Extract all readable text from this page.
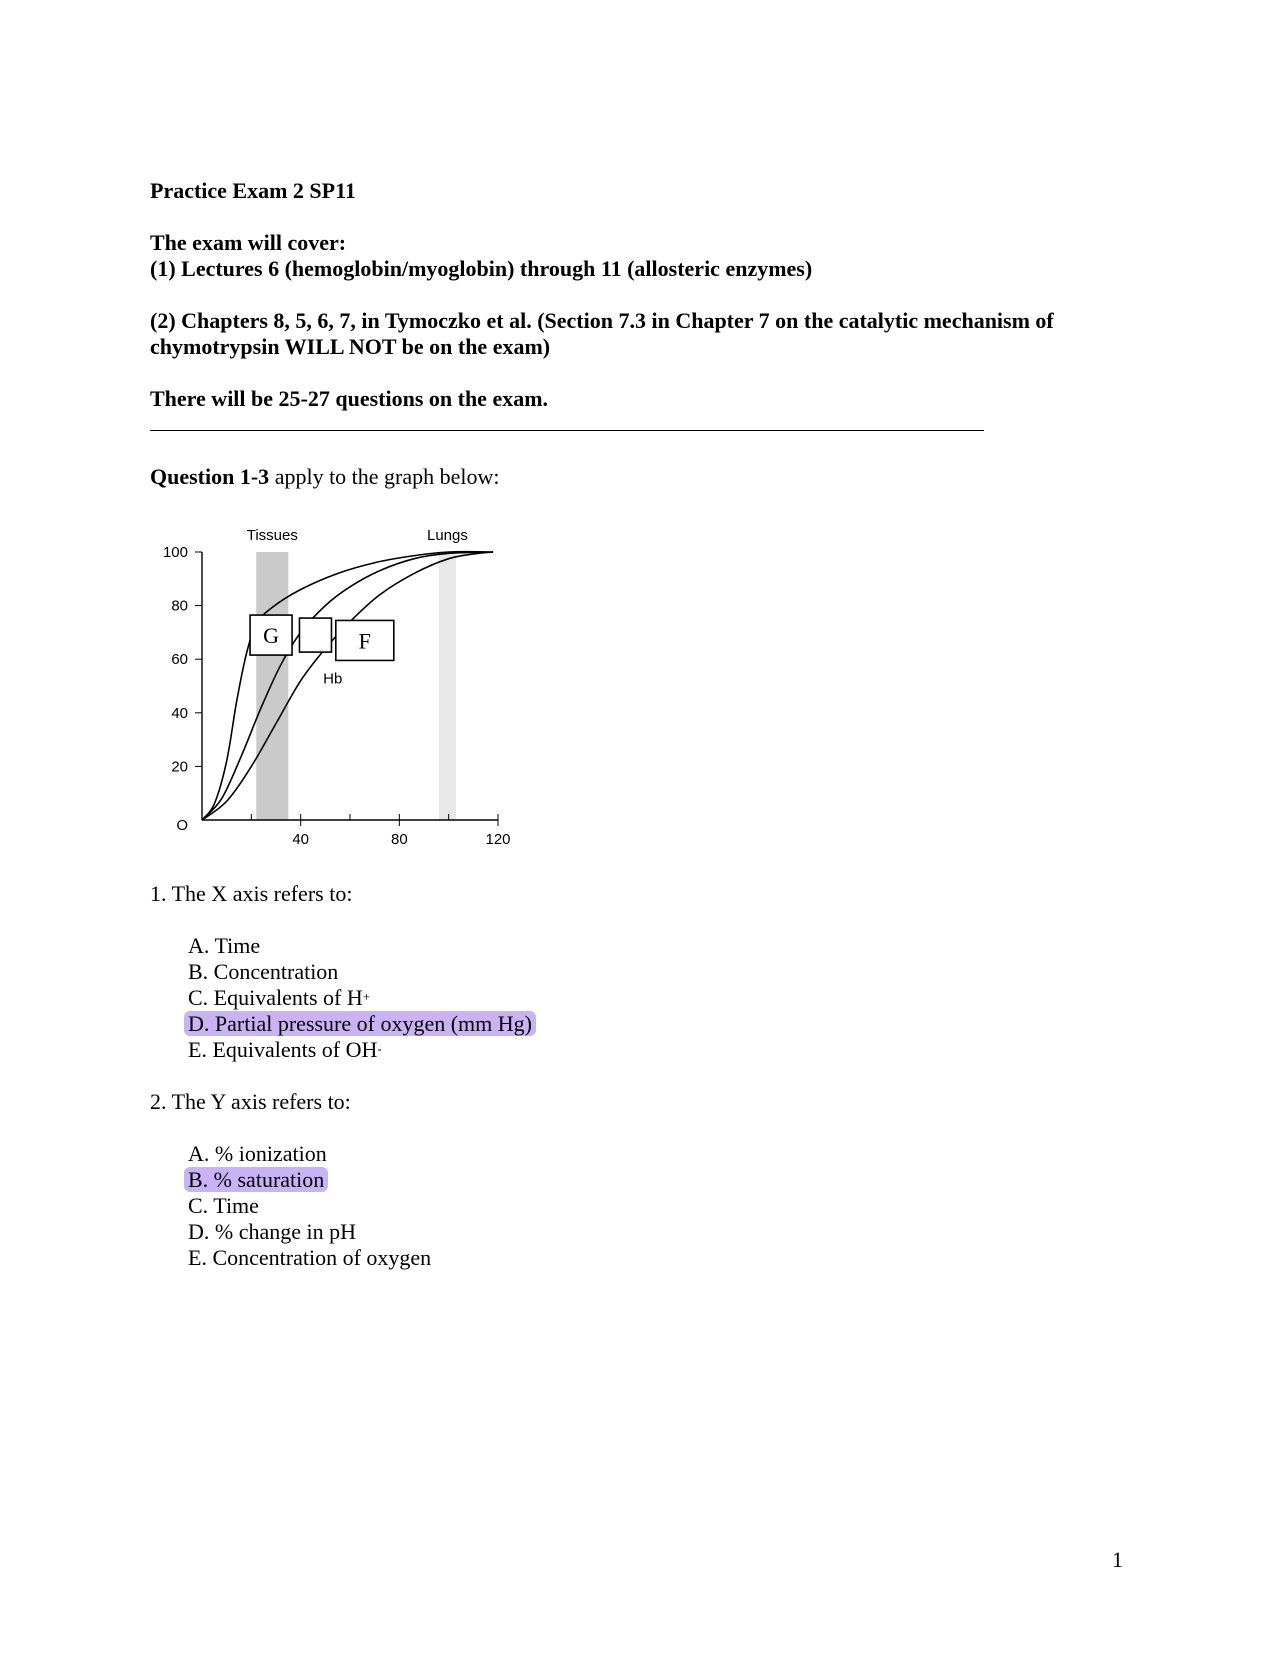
Practice Exam 2 SP11
The exam will cover:
(1) Lectures 6 (hemoglobin/myoglobin) through 11 (allosteric enzymes)
(2) Chapters 8, 5, 6, 7, in Tymoczko et al. (Section 7.3 in Chapter 7 on the catalytic mechanism of
chymotrypsin WILL NOT be on the exam)
There will be 25-27 questions on the exam.
Question 1-3 apply to the graph below:
Tissues	Lungs
O
20
40
60
80
100
40	80	120
G	F
Hb
1. The X axis refers to:
A. Time
B. Concentration
C. Equivalents of H+
D. Partial pressure of oxygen (mm Hg)
E. Equivalents of OH-
2. The Y axis refers to:
A. % ionization
B. % saturation
C. Time
D. % change in pH
E. Concentration of oxygen
1
